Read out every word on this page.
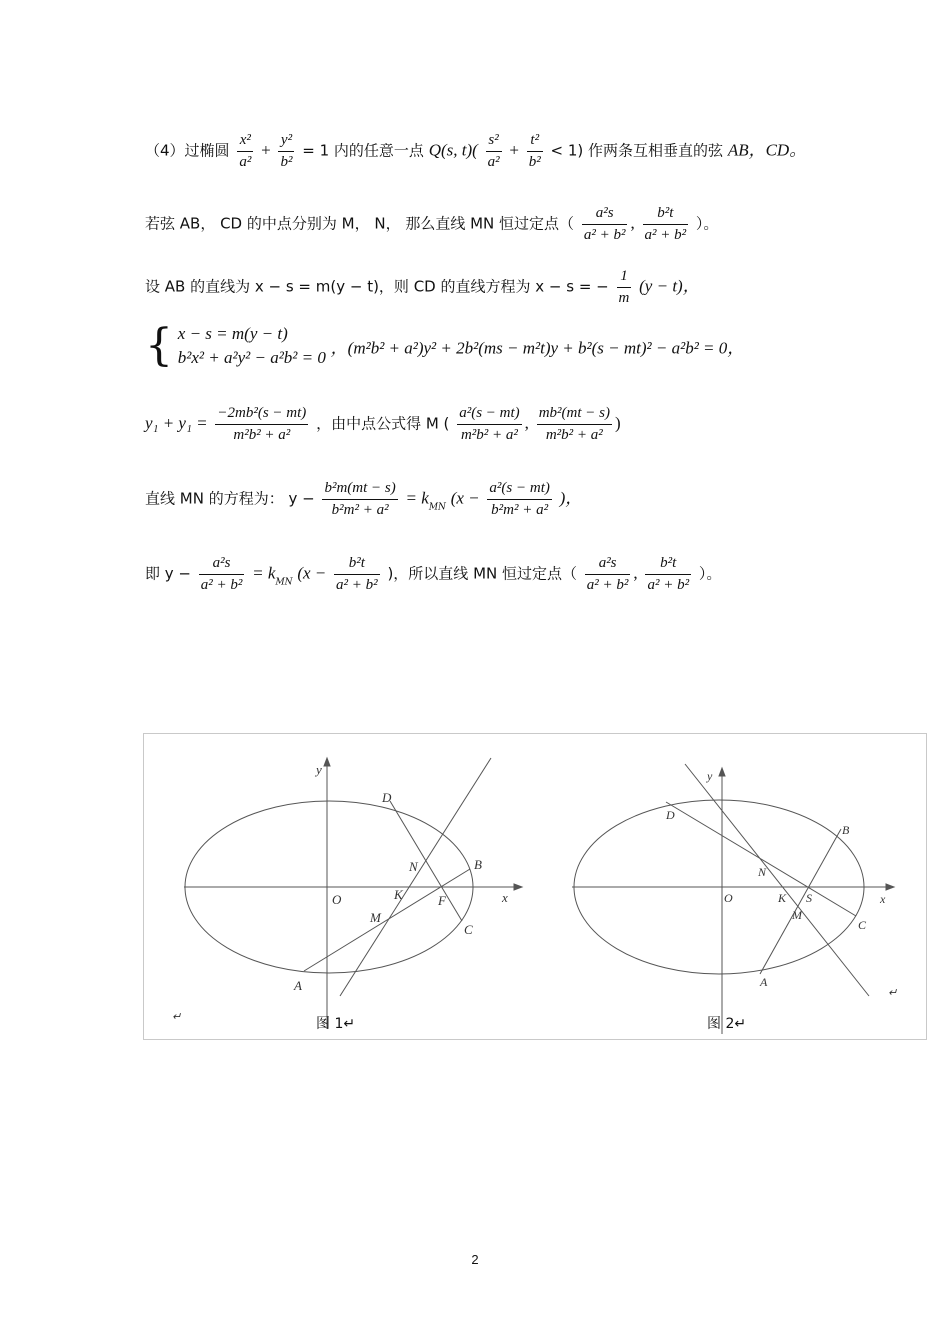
（4）过椭圆 $\frac{\text{x²}}{\text{a²}} + \frac{\text{y²}}{\text{b²}} = 1$ 内的任意一点 Q(s, $t)( \frac{\text{s²}}{\text{a²}} + \frac{\text{t²}}{\text{b²}} < 1)$ 作两条互相垂直的弦 AB，CD。
若弦 AB， CD 的中点分别为 M， N， 那么直线 MN 恒过定点（ $\frac{\text{a²s}}{\text{a² + b²}}$ , $\frac{\text{b²t}}{\text{a² + b²}}$ ）。
设 AB 的直线为 x − s = m(y − t)，则 CD 的直线方程为 x − s = − $\frac{1}{m} (y - t)$，
{ x − s = m(y − t)
b²x² + a²y² − a²b² = 0 ，(m²b² + a²)y² + 2b²(ms − m²t)y + b²(s − mt)² − a²b² = 0，
$y_1 + y_1 = \frac{\text{−2mb²(s − mt)}}{\text{m²b² + a²}}$ ，由中点公式得 M ( $\frac{\text{a²(s − mt)}}{\text{m²b² + a²}}$ , $\frac{\text{mb²(mt − s)}}{\text{m²b² + a²}}$ )
直线 MN 的方程为： $y - \frac{\text{b²m(mt − s)}}{\text{b²m² + a²}} = k_{MN}$ ($x - \frac{\text{a²(s − mt)}}{\text{b²m² + a²}}$ )，
即 $y - \frac{\text{a²s}}{\text{a² + b²}} = k_{MN}$ ($x - \frac{\text{b²t}}{\text{a² + b²}}$ )，所以直线 MN 恒过定点（ $\frac{\text{a²s}}{\text{a² + b²}}$ , $\frac{\text{b²t}}{\text{a² + b²}}$ ）。
y
x
O
D
N
K
B
F
M
C
A
↵
y
x
O
D
N
K S
M
B
C
A
↵
图 1↵	图 2↵
2
